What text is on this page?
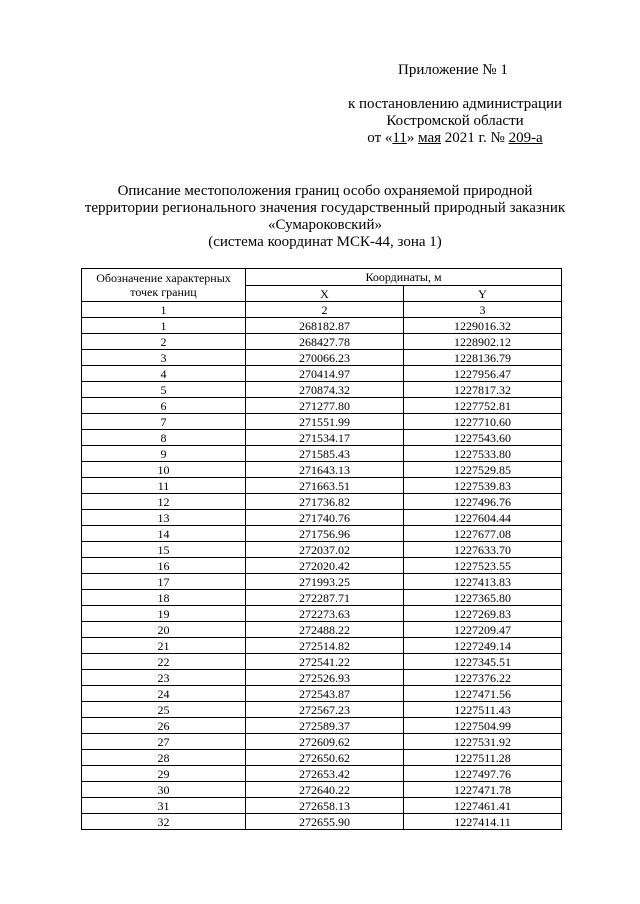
Приложение № 1
к постановлению администрации
Костромской области
от «11» мая 2021 г. № 209-а
Описание местоположения границ особо охраняемой природной
территории регионального значения государственный природный заказник
«Сумароковский»
(система координат МСК-44, зона 1)
Обозначение характерных точек границ	Координаты, м	
	X	Y
1	2	3
1	268182.87	1229016.32
2	268427.78	1228902.12
3	270066.23	1228136.79
4	270414.97	1227956.47
5	270874.32	1227817.32
6	271277.80	1227752.81
7	271551.99	1227710.60
8	271534.17	1227543.60
9	271585.43	1227533.80
10	271643.13	1227529.85
11	271663.51	1227539.83
12	271736.82	1227496.76
13	271740.76	1227604.44
14	271756.96	1227677.08
15	272037.02	1227633.70
16	272020.42	1227523.55
17	271993.25	1227413.83
18	272287.71	1227365.80
19	272273.63	1227269.83
20	272488.22	1227209.47
21	272514.82	1227249.14
22	272541.22	1227345.51
23	272526.93	1227376.22
24	272543.87	1227471.56
25	272567.23	1227511.43
26	272589.37	1227504.99
27	272609.62	1227531.92
28	272650.62	1227511.28
29	272653.42	1227497.76
30	272640.22	1227471.78
31	272658.13	1227461.41
32	272655.90	1227414.11
